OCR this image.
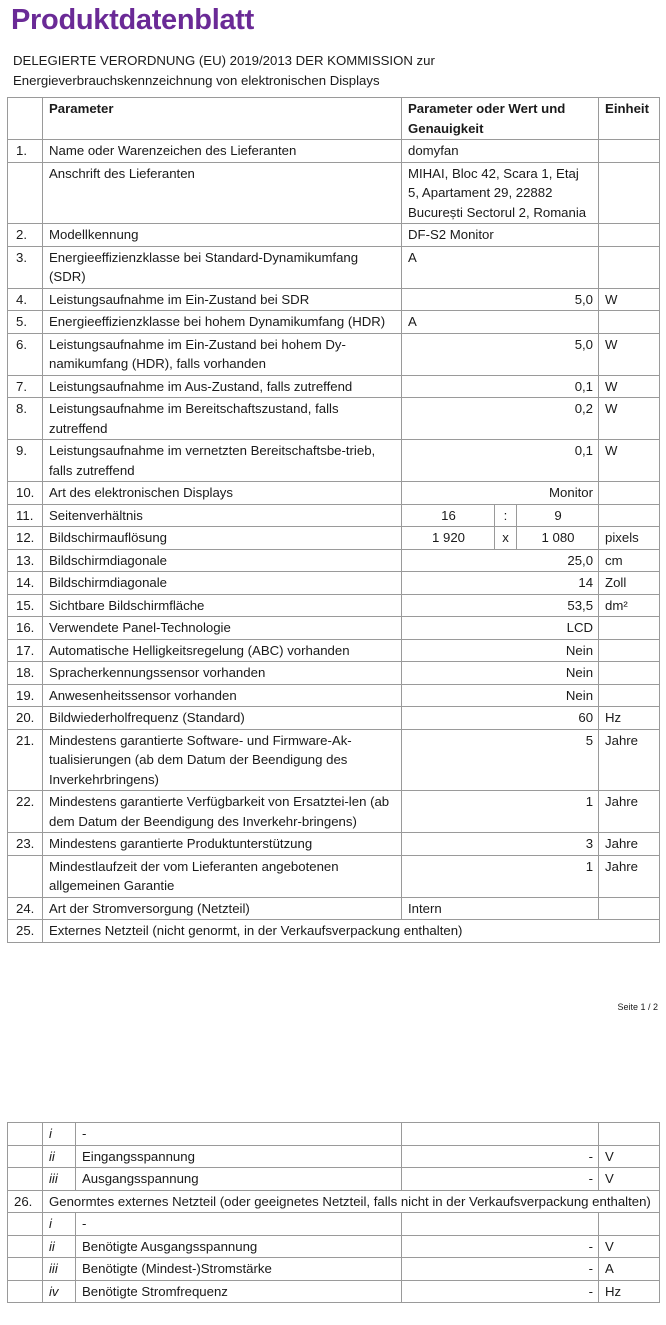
Produktdatenblatt
DELEGIERTE VERORDNUNG (EU) 2019/2013 DER KOMMISSION zur
Energieverbrauchskennzeichnung von elektronischen Displays
	Parameter	Parameter oder Wert und Genauigkeit			Einheit
1.	Name oder Warenzeichen des Lieferanten	domyfan			
	Anschrift des Lieferanten	MIHAI, Bloc 42, Scara 1, Etaj 5, Apartament 29, 22882 București Sectorul 2, Romania			
2.	Modellkennung	DF-S2 Monitor			
3.	Energieeffizienzklasse bei Standard-Dynamikumfang (SDR)	A			
4.	Leistungsaufnahme im Ein-Zustand bei SDR	5,0			W
5.	Energieeffizienzklasse bei hohem Dynamikumfang (HDR)	A			
6.	Leistungsaufnahme im Ein-Zustand bei hohem Dy-namikumfang (HDR), falls vorhanden	5,0			W
7.	Leistungsaufnahme im Aus-Zustand, falls zutreffend	0,1			W
8.	Leistungsaufnahme im Bereitschaftszustand, falls zutreffend	0,2			W
9.	Leistungsaufnahme im vernetzten Bereitschaftsbe-trieb, falls zutreffend	0,1			W
10.	Art des elektronischen Displays	Monitor			
11.	Seitenverhältnis	16	:	9	
12.	Bildschirmauflösung	1 920	x	1 080	pixels
13.	Bildschirmdiagonale	25,0			cm
14.	Bildschirmdiagonale	14			Zoll
15.	Sichtbare Bildschirmfläche	53,5			dm²
16.	Verwendete Panel-Technologie	LCD			
17.	Automatische Helligkeitsregelung (ABC) vorhanden	Nein			
18.	Spracherkennungssensor vorhanden	Nein			
19.	Anwesenheitssensor vorhanden	Nein			
20.	Bildwiederholfrequenz (Standard)	60			Hz
21.	Mindestens garantierte Software- und Firmware-Ak-tualisierungen (ab dem Datum der Beendigung des Inverkehrbringens)	5			Jahre
22.	Mindestens garantierte Verfügbarkeit von Ersatztei-len (ab dem Datum der Beendigung des Inverkehr-bringens)	1			Jahre
23.	Mindestens garantierte Produktunterstützung	3			Jahre
	Mindestlaufzeit der vom Lieferanten angebotenen allgemeinen Garantie	1			Jahre
24.	Art der Stromversorgung (Netzteil)	Intern			
25.	Externes Netzteil (nicht genormt, in der Verkaufsverpackung enthalten)				
Seite 1 / 2
	i	-		
	ii	Eingangsspannung	-	V
	iii	Ausgangsspannung	-	V
26.	Genormtes externes Netzteil (oder geeignetes Netzteil, falls nicht in der Verkaufsverpackung enthalten)			
	i	-		
	ii	Benötigte Ausgangsspannung	-	V
	iii	Benötigte (Mindest-)Stromstärke	-	A
	iv	Benötigte Stromfrequenz	-	Hz
